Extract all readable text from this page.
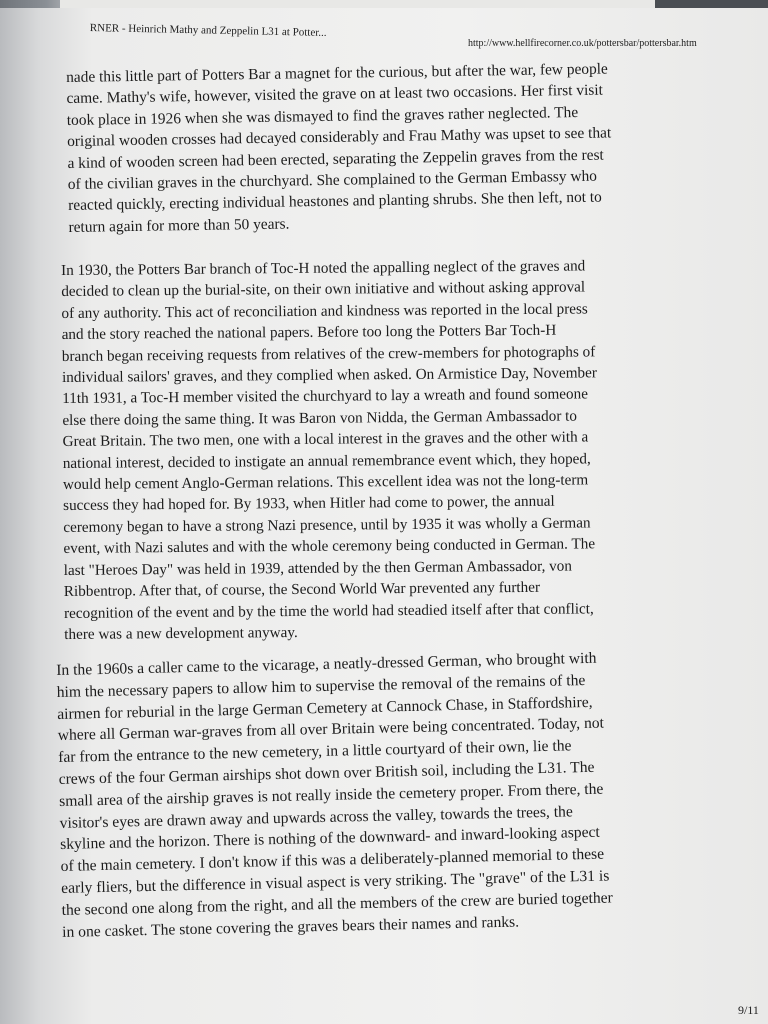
RNER - Heinrich Mathy and Zeppelin L31 at Potter...
http://www.hellfirecorner.co.uk/pottersbar/pottersbar.htm

nade this little part of Potters Bar a magnet for the curious, but after the war, few people
came. Mathy's wife, however, visited the grave on at least two occasions. Her first visit
took place in 1926 when she was dismayed to find the graves rather neglected. The
original wooden crosses had decayed considerably and Frau Mathy was upset to see that
a kind of wooden screen had been erected, separating the Zeppelin graves from the rest
of the civilian graves in the churchyard. She complained to the German Embassy who
reacted quickly, erecting individual heastones and planting shrubs. She then left, not to
return again for more than 50 years.

In 1930, the Potters Bar branch of Toc-H noted the appalling neglect of the graves and
decided to clean up the burial-site, on their own initiative and without asking approval
of any authority. This act of reconciliation and kindness was reported in the local press
and the story reached the national papers. Before too long the Potters Bar Toch-H
branch began receiving requests from relatives of the crew-members for photographs of
individual sailors' graves, and they complied when asked. On Armistice Day, November
11th 1931, a Toc-H member visited the churchyard to lay a wreath and found someone
else there doing the same thing. It was Baron von Nidda, the German Ambassador to
Great Britain. The two men, one with a local interest in the graves and the other with a
national interest, decided to instigate an annual remembrance event which, they hoped,
would help cement Anglo-German relations. This excellent idea was not the long-term
success they had hoped for. By 1933, when Hitler had come to power, the annual
ceremony began to have a strong Nazi presence, until by 1935 it was wholly a German
event, with Nazi salutes and with the whole ceremony being conducted in German. The
last "Heroes Day" was held in 1939, attended by the then German Ambassador, von
Ribbentrop. After that, of course, the Second World War prevented any further
recognition of the event and by the time the world had steadied itself after that conflict,
there was a new development anyway.

In the 1960s a caller came to the vicarage, a neatly-dressed German, who brought with
him the necessary papers to allow him to supervise the removal of the remains of the
airmen for reburial in the large German Cemetery at Cannock Chase, in Staffordshire,
where all German war-graves from all over Britain were being concentrated. Today, not
far from the entrance to the new cemetery, in a little courtyard of their own, lie the
crews of the four German airships shot down over British soil, including the L31. The
small area of the airship graves is not really inside the cemetery proper. From there, the
visitor's eyes are drawn away and upwards across the valley, towards the trees, the
skyline and the horizon. There is nothing of the downward- and inward-looking aspect
of the main cemetery. I don't know if this was a deliberately-planned memorial to these
early fliers, but the difference in visual aspect is very striking. The "grave" of the L31 is
the second one along from the right, and all the members of the crew are buried together
in one casket. The stone covering the graves bears their names and ranks.

9/11
